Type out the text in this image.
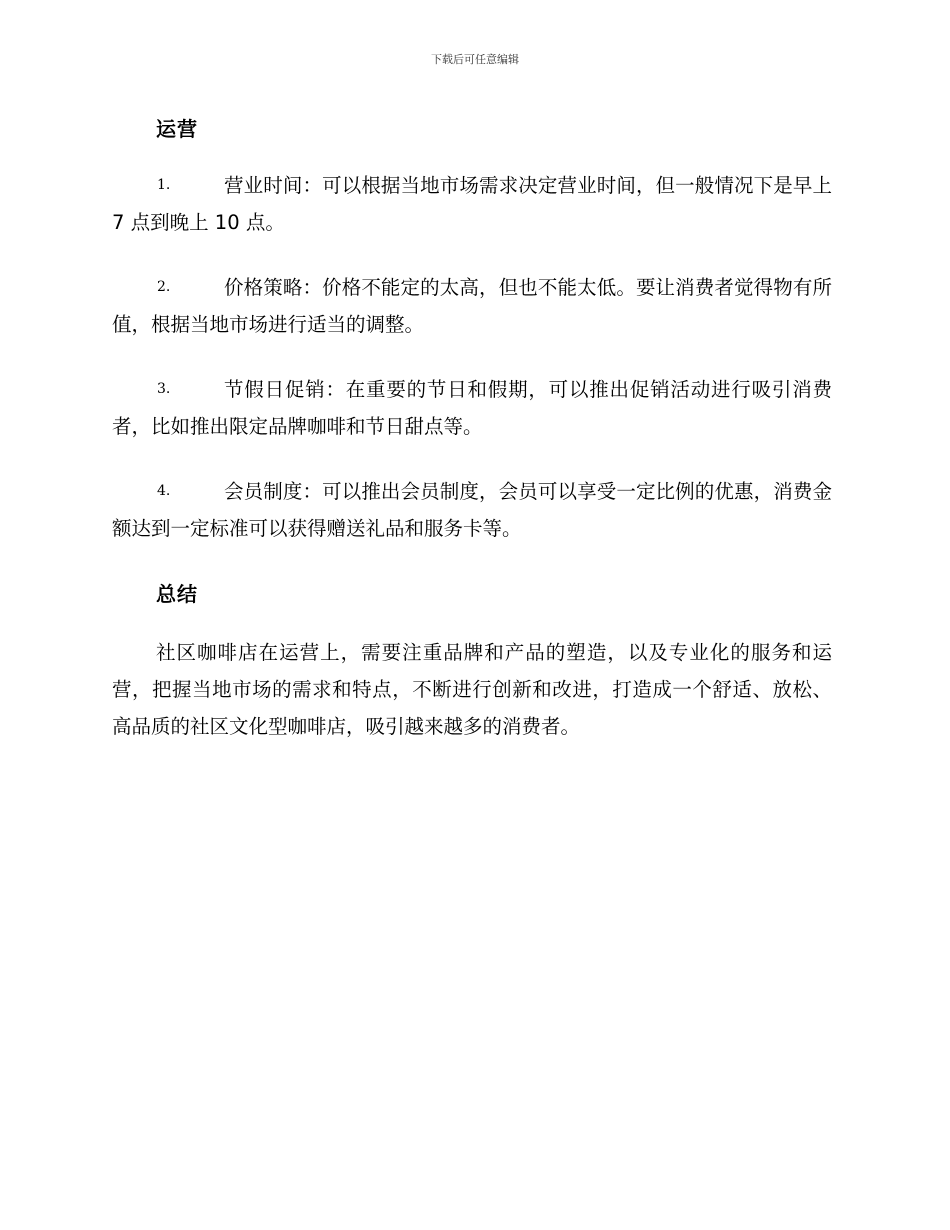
下载后可任意编辑
运营
1.	营业时间：可以根据当地市场需求决定营业时间，但一般情况下是早上 7 点到晚上 10 点。
2.	价格策略：价格不能定的太高，但也不能太低。要让消费者觉得物有所值，根据当地市场进行适当的调整。
3.	节假日促销：在重要的节日和假期，可以推出促销活动进行吸引消费者，比如推出限定品牌咖啡和节日甜点等。
4.	会员制度：可以推出会员制度，会员可以享受一定比例的优惠，消费金额达到一定标准可以获得赠送礼品和服务卡等。
总结
社区咖啡店在运营上，需要注重品牌和产品的塑造，以及专业化的服务和运营，把握当地市场的需求和特点，不断进行创新和改进，打造成一个舒适、放松、高品质的社区文化型咖啡店，吸引越来越多的消费者。
